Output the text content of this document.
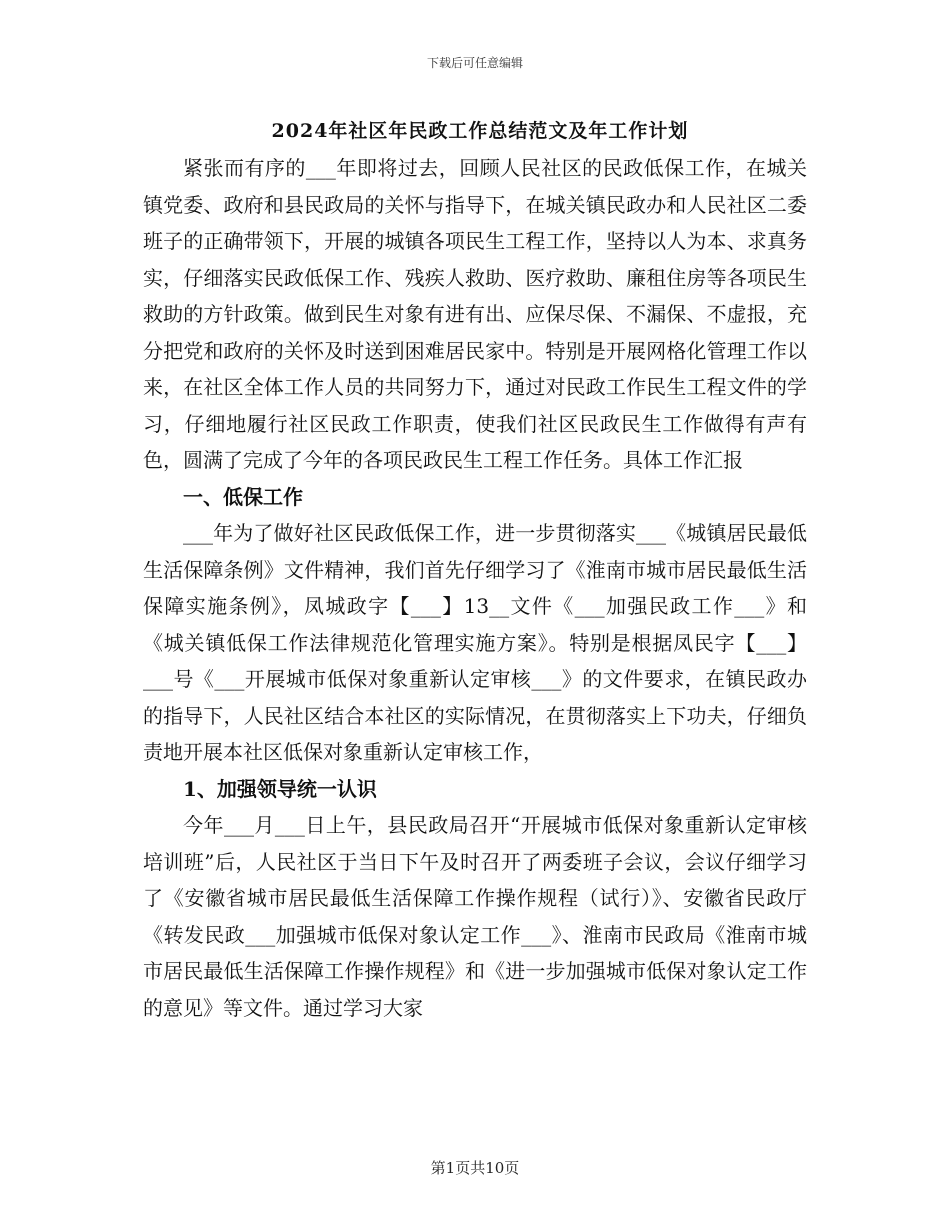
下载后可任意编辑
2024年社区年民政工作总结范文及年工作计划

紧张而有序的___年即将过去，回顾人民社区的民政低保工作，在城关镇党委、政府和县民政局的关怀与指导下，在城关镇民政办和人民社区二委班子的正确带领下，开展的城镇各项民生工程工作，坚持以人为本、求真务实，仔细落实民政低保工作、残疾人救助、医疗救助、廉租住房等各项民生救助的方针政策。做到民生对象有进有出、应保尽保、不漏保、不虚报，充分把党和政府的关怀及时送到困难居民家中。特别是开展网格化管理工作以来，在社区全体工作人员的共同努力下，通过对民政工作民生工程文件的学习，仔细地履行社区民政工作职责，使我们社区民政民生工作做得有声有色，圆满了完成了今年的各项民政民生工程工作任务。具体工作汇报

一、低保工作

___年为了做好社区民政低保工作，进一步贯彻落实___《城镇居民最低生活保障条例》文件精神，我们首先仔细学习了《淮南市城市居民最低生活保障实施条例》，凤城政字【___】13__文件《___加强民政工作___》和《城关镇低保工作法律规范化管理实施方案》。特别是根据凤民字【___】___号《___开展城市低保对象重新认定审核___》的文件要求，在镇民政办的指导下，人民社区结合本社区的实际情况，在贯彻落实上下功夫，仔细负责地开展本社区低保对象重新认定审核工作，

1、加强领导统一认识

今年___月___日上午，县民政局召开“开展城市低保对象重新认定审核培训班”后，人民社区于当日下午及时召开了两委班子会议，会议仔细学习了《安徽省城市居民最低生活保障工作操作规程（试行）》、安徽省民政厅《转发民政___加强城市低保对象认定工作___》、淮南市民政局《淮南市城市居民最低生活保障工作操作规程》和《进一步加强城市低保对象认定工作的意见》等文件。通过学习大家

第1页共10页
